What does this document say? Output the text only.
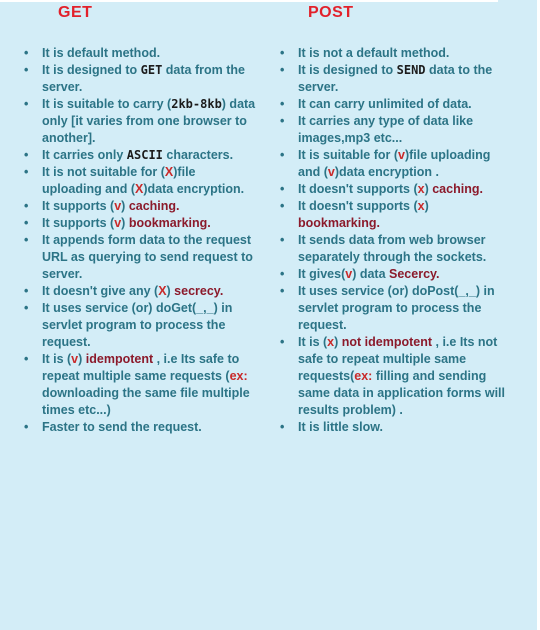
GET	POST
• It is default method.
• It is designed to GET data from the server.
• It is suitable to carry (2kb-8kb) data only [it varies from one browser to another].
• It carries only ASCII characters.
• It is not suitable for (X)file uploading and (X)data encryption.
• It supports (v) caching.
• It supports (v) bookmarking.
• It appends form data to the request URL as querying to send request to server.
• It doesn't give any (X) secrecy.
• It uses service (or) doGet(_,_) in servlet program to process the request.
• It is (v) idempotent , i.e Its safe to repeat multiple same requests (ex: downloading the same file multiple times etc...)
• Faster to send the request.
• It is not a default method.
• It is designed to SEND data to the server.
• It can carry unlimited of data.
• It carries any type of data like images,mp3 etc...
• It is suitable for (v)file uploading and (v)data encryption .
• It doesn't supports (x) caching.
• It doesn't supports (x) bookmarking.
• It sends data from web browser separately through the sockets.
• It gives(v) data Secercy.
• It uses service (or) doPost(_,_) in servlet program to process the request.
• It is (x) not idempotent , i.e Its not safe to repeat multiple same requests(ex: filling and sending same data in application forms will results problem) .
• It is little slow.
